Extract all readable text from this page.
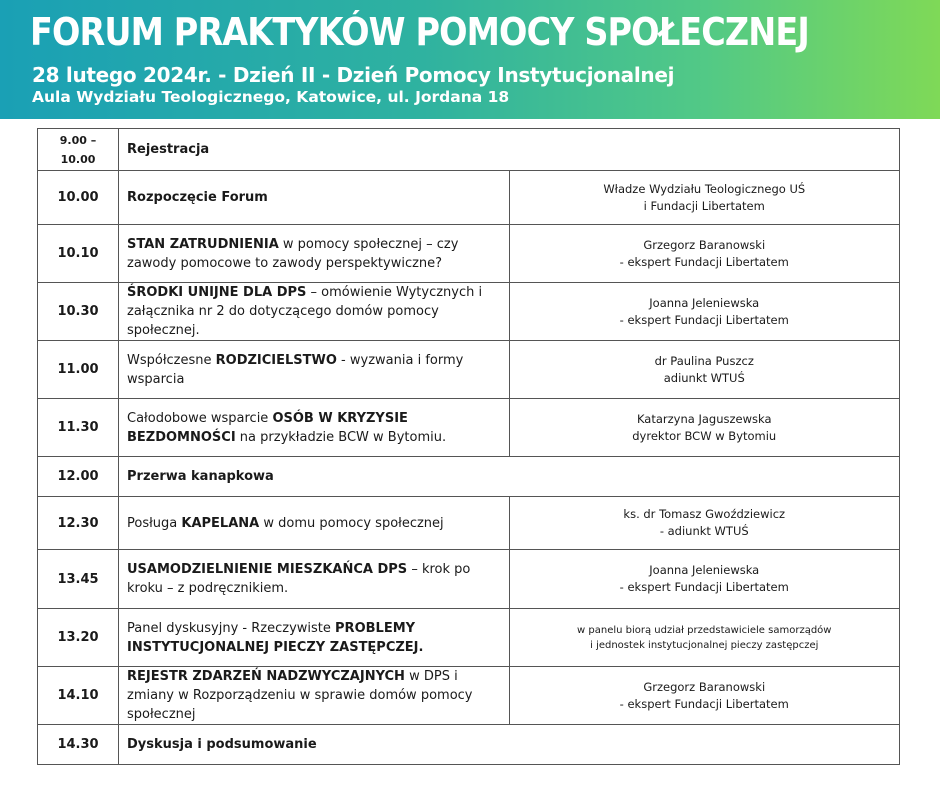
FORUM PRAKTYKÓW POMOCY SPOŁECZNEJ
28 lutego 2024r. - Dzień II - Dzień Pomocy Instytucjonalnej
Aula Wydziału Teologicznego, Katowice, ul. Jordana 18
9.00 – 10.00	Rejestracja	
10.00	Rozpoczęcie Forum	Władze Wydziału Teologicznego UŚ
i Fundacji Libertatem

10.10	STAN ZATRUDNIENIA w pomocy społecznej – czy zawody pomocowe to zawody perspektywiczne?	Grzegorz Baranowski
- ekspert Fundacji Libertatem

10.30	ŚRODKI UNIJNE DLA DPS – omówienie Wytycznych i załącznika nr 2 do dotyczącego domów pomocy społecznej.	Joanna Jeleniewska
- ekspert Fundacji Libertatem

11.00	Współczesne RODZICIELSTWO - wyzwania i formy wsparcia	dr Paulina Puszcz
adiunkt WTUŚ

11.30	Całodobowe wsparcie OSÓB W KRYZYSIE BEZDOMNOŚCI na przykładzie BCW w Bytomiu.	Katarzyna Jaguszewska
dyrektor BCW w Bytomiu

12.00	Przerwa kanapkowa	
12.30	Posługa KAPELANA w domu pomocy społecznej	ks. dr Tomasz Gwoździewicz
- adiunkt WTUŚ

13.45	USAMODZIELNIENIE MIESZKAŃCA DPS – krok po kroku – z podręcznikiem.	Joanna Jeleniewska
- ekspert Fundacji Libertatem

13.20	Panel dyskusyjny - Rzeczywiste PROBLEMY INSTYTUCJONALNEJ PIECZY ZASTĘPCZEJ.	w panelu biorą udział przedstawiciele samorządów
i jednostek instytucjonalnej pieczy zastępczej

14.10	REJESTR ZDARZEŃ NADZWYCZAJNYCH w DPS i zmiany w Rozporządzeniu w sprawie domów pomocy społecznej	Grzegorz Baranowski
- ekspert Fundacji Libertatem

14.30	Dyskusja i podsumowanie	
